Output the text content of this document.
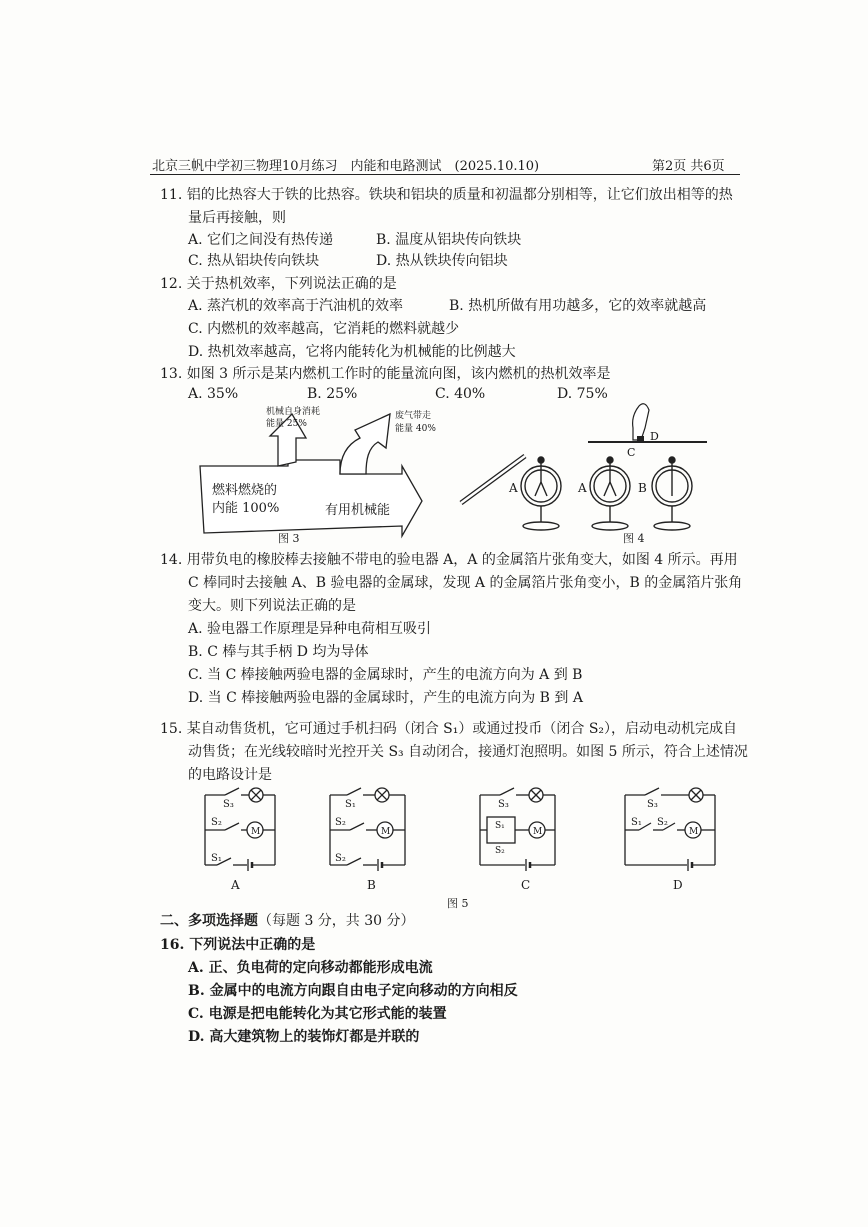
北京三帆中学初三物理10月练习　内能和电路测试　(2025.10.10)	第2页 共6页
11. 铝的比热容大于铁的比热容。铁块和铝块的质量和初温都分别相等，让它们放出相等的热
量后再接触，则
A. 它们之间没有热传递	B. 温度从铝块传向铁块
C. 热从铝块传向铁块	D. 热从铁块传向铝块
12. 关于热机效率，下列说法正确的是
A. 蒸汽机的效率高于汽油机的效率	B. 热机所做有用功越多，它的效率就越高
C. 内燃机的效率越高，它消耗的燃料就越少
D. 热机效率越高，它将内能转化为机械能的比例越大
13. 如图 3 所示是某内燃机工作时的能量流向图，该内燃机的热机效率是
A. 35%	B. 25%	C. 40%	D. 75%
机械自身消耗
能量 25%
废气带走
能量 40%
燃料燃烧的
内能 100%	有用机械能
图 3
A
D
C
A	B
图 4
14. 用带负电的橡胶棒去接触不带电的验电器 A，A 的金属箔片张角变大，如图 4 所示。再用
C 棒同时去接触 A、B 验电器的金属球，发现 A 的金属箔片张角变小，B 的金属箔片张角
变大。则下列说法正确的是
A. 验电器工作原理是异种电荷相互吸引
B. C 棒与其手柄 D 均为导体
C. 当 C 棒接触两验电器的金属球时，产生的电流方向为 A 到 B
D. 当 C 棒接触两验电器的金属球时，产生的电流方向为 B 到 A
15. 某自动售货机，它可通过手机扫码（闭合 S₁）或通过投币（闭合 S₂），启动电动机完成自
动售货；在光线较暗时光控开关 S₃ 自动闭合，接通灯泡照明。如图 5 所示，符合上述情况
的电路设计是
S₃
S₂
S₁
M
A
S₁
S₂
S₂
M
B
S₃
S₁
S₂
M
C
S₃
S₁ S₂
M
D
图 5
二、多项选择题（每题 3 分，共 30 分）
16. 下列说法中正确的是
A. 正、负电荷的定向移动都能形成电流
B. 金属中的电流方向跟自由电子定向移动的方向相反
C. 电源是把电能转化为其它形式能的装置
D. 高大建筑物上的装饰灯都是并联的
